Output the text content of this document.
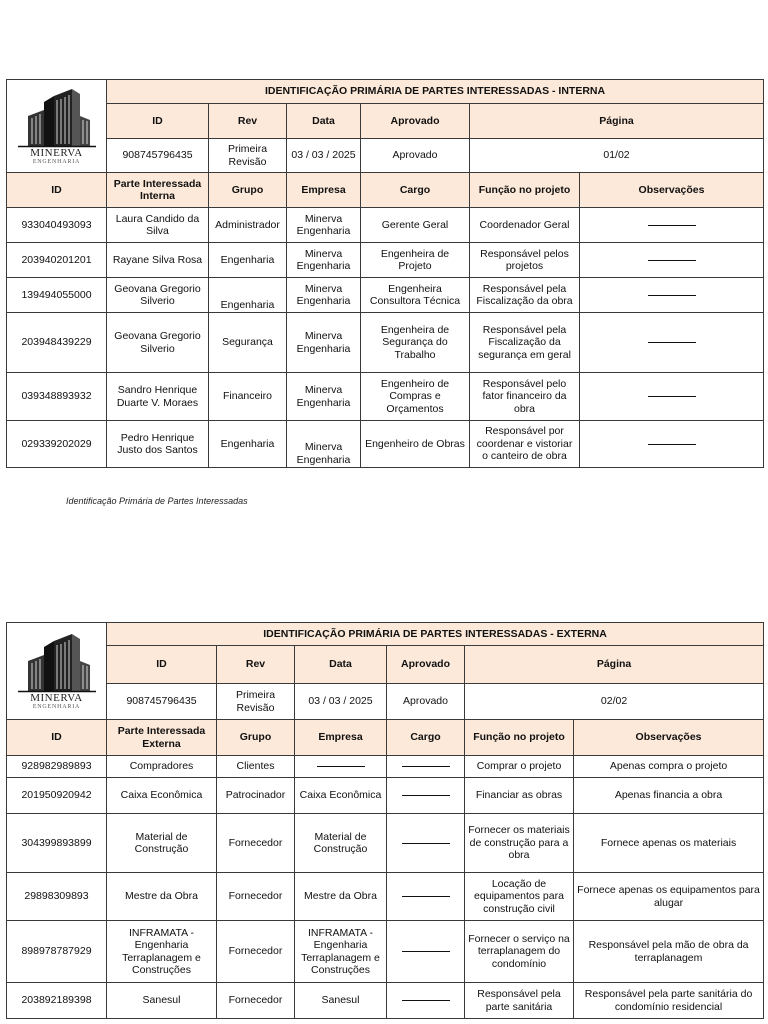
MINERVA
ENGENHARIA	IDENTIFICAÇÃO PRIMÁRIA DE PARTES INTERESSADAS - INTERNA					
	ID	Rev	Data	Aprovado	Página	
	908745796435	Primeira Revisão	03 / 03 / 2025	Aprovado	01/02	
ID	Parte Interessada Interna	Grupo	Empresa	Cargo	Função no projeto	Observações
933040493093	Laura Candido da Silva	Administrador	Minerva Engenharia	Gerente Geral	Coordenador Geral	
203940201201	Rayane Silva Rosa	Engenharia	Minerva Engenharia	Engenheira de Projeto	Responsável pelos projetos	
139494055000	Geovana Gregorio Silverio	Engenharia	Minerva Engenharia	Engenheira Consultora Técnica	Responsável pela Fiscalização da obra	
203948439229	Geovana Gregorio Silverio	Segurança	Minerva Engenharia	Engenheira de Segurança do Trabalho	Responsável pela Fiscalização da segurança em geral	
039348893932	Sandro Henrique Duarte V. Moraes	Financeiro	Minerva Engenharia	Engenheiro de Compras e Orçamentos	Responsável pelo fator financeiro da obra	
029339202029	Pedro Henrique Justo dos Santos	Engenharia	Minerva Engenharia	Engenheiro de Obras	Responsável por coordenar e vistoriar o canteiro de obra	
Identificação Primária de Partes Interessadas
MINERVA
ENGENHARIA	IDENTIFICAÇÃO PRIMÁRIA DE PARTES INTERESSADAS - EXTERNA					
	ID	Rev	Data	Aprovado	Página	
	908745796435	Primeira Revisão	03 / 03 / 2025	Aprovado	02/02	
ID	Parte Interessada Externa	Grupo	Empresa	Cargo	Função no projeto	Observações
928982989893	Compradores	Clientes			Comprar o projeto	Apenas compra o projeto
201950920942	Caixa Econômica	Patrocinador	Caixa Econômica		Financiar as obras	Apenas financia a obra
304399893899	Material de Construção	Fornecedor	Material de Construção		Fornecer os materiais de construção para a obra	Fornece apenas os materiais
29898309893	Mestre da Obra	Fornecedor	Mestre da Obra		Locação de equipamentos para construção civil	Fornece apenas os equipamentos para alugar
898978787929	INFRAMATA - Engenharia Terraplanagem e Construções	Fornecedor	INFRAMATA - Engenharia Terraplanagem e Construções		Fornecer o serviço na terraplanagem do condomínio	Responsável pela mão de obra da terraplanagem
203892189398	Sanesul	Fornecedor	Sanesul		Responsável pela parte sanitária	Responsável pela parte sanitária do condomínio residencial
